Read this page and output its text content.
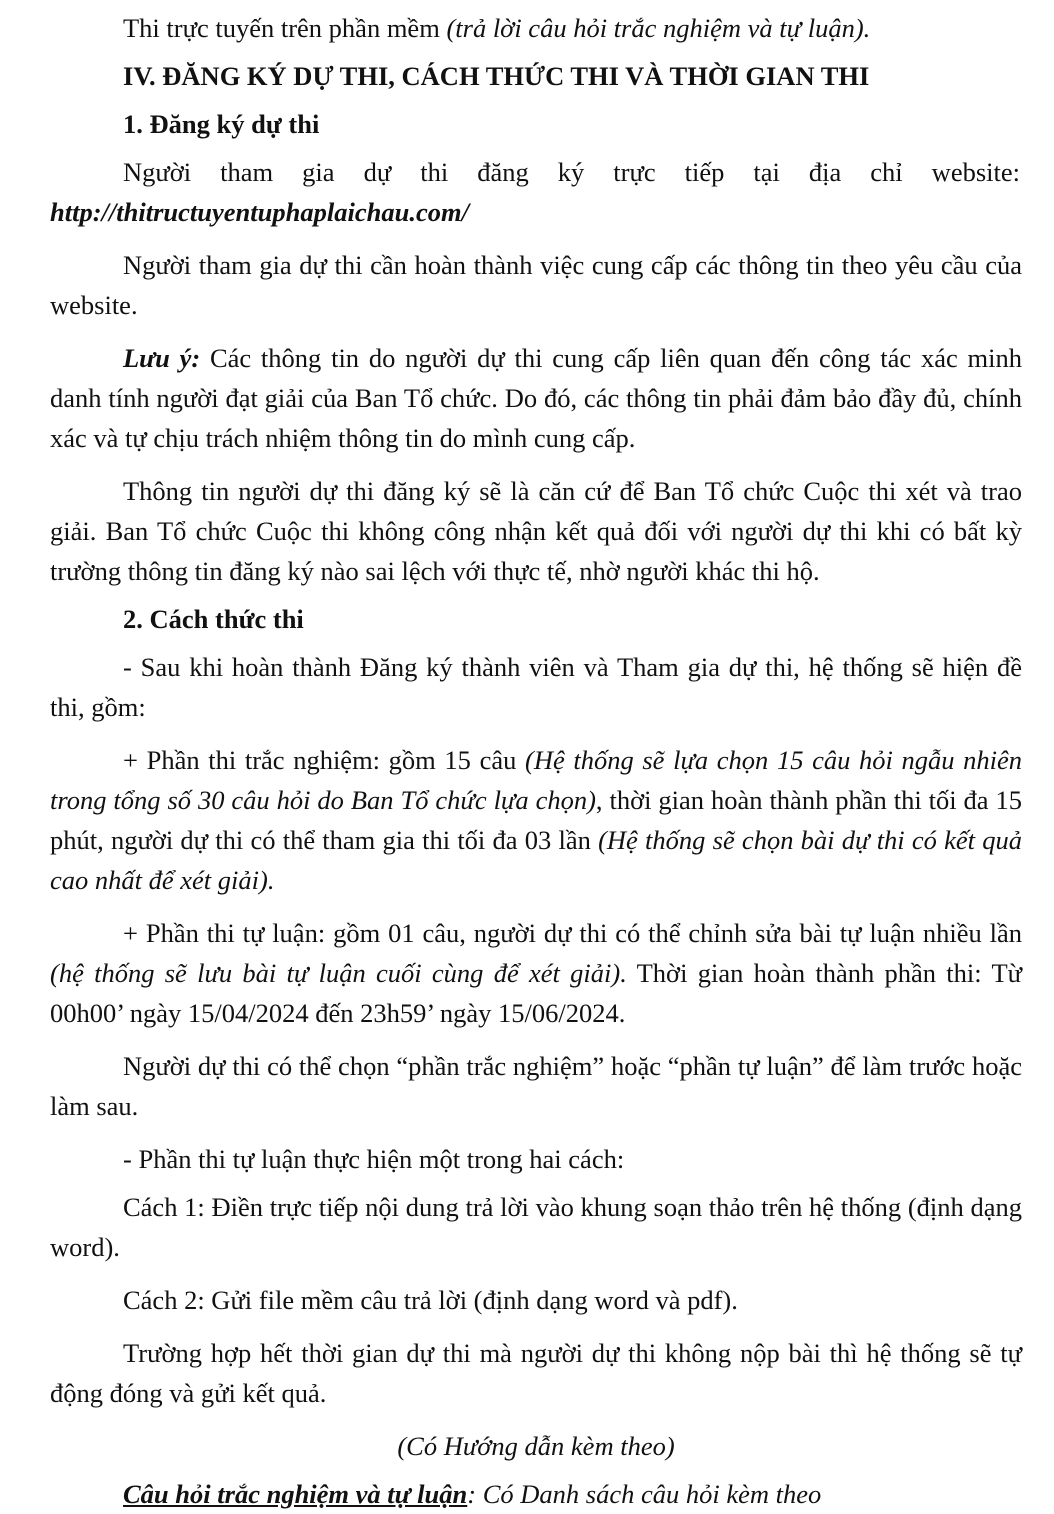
Thi trực tuyến trên phần mềm (trả lời câu hỏi trắc nghiệm và tự luận).

IV. ĐĂNG KÝ DỰ THI, CÁCH THỨC THI VÀ THỜI GIAN THI

1. Đăng ký dự thi

Người tham gia dự thi đăng ký trực tiếp tại địa chỉ website:
http://thitructuyentuphaplaichau.com/

Người tham gia dự thi cần hoàn thành việc cung cấp các thông tin theo yêu cầu của website.

Lưu ý: Các thông tin do người dự thi cung cấp liên quan đến công tác xác minh danh tính người đạt giải của Ban Tổ chức. Do đó, các thông tin phải đảm bảo đầy đủ, chính xác và tự chịu trách nhiệm thông tin do mình cung cấp.

Thông tin người dự thi đăng ký sẽ là căn cứ để Ban Tổ chức Cuộc thi xét và trao giải. Ban Tổ chức Cuộc thi không công nhận kết quả đối với người dự thi khi có bất kỳ trường thông tin đăng ký nào sai lệch với thực tế, nhờ người khác thi hộ.

2. Cách thức thi

- Sau khi hoàn thành Đăng ký thành viên và Tham gia dự thi, hệ thống sẽ hiện đề thi, gồm:

+ Phần thi trắc nghiệm: gồm 15 câu (Hệ thống sẽ lựa chọn 15 câu hỏi ngẫu nhiên trong tổng số 30 câu hỏi do Ban Tổ chức lựa chọn), thời gian hoàn thành phần thi tối đa 15 phút, người dự thi có thể tham gia thi tối đa 03 lần (Hệ thống sẽ chọn bài dự thi có kết quả cao nhất để xét giải).

+ Phần thi tự luận: gồm 01 câu, người dự thi có thể chỉnh sửa bài tự luận nhiều lần (hệ thống sẽ lưu bài tự luận cuối cùng để xét giải). Thời gian hoàn thành phần thi: Từ 00h00’ ngày 15/04/2024 đến 23h59’ ngày 15/06/2024.

Người dự thi có thể chọn “phần trắc nghiệm” hoặc “phần tự luận” để làm trước hoặc làm sau.

- Phần thi tự luận thực hiện một trong hai cách:

Cách 1: Điền trực tiếp nội dung trả lời vào khung soạn thảo trên hệ thống (định dạng word).

Cách 2: Gửi file mềm câu trả lời (định dạng word và pdf).

Trường hợp hết thời gian dự thi mà người dự thi không nộp bài thì hệ thống sẽ tự động đóng và gửi kết quả.

(Có Hướng dẫn kèm theo)

Câu hỏi trắc nghiệm và tự luận: Có Danh sách câu hỏi kèm theo
